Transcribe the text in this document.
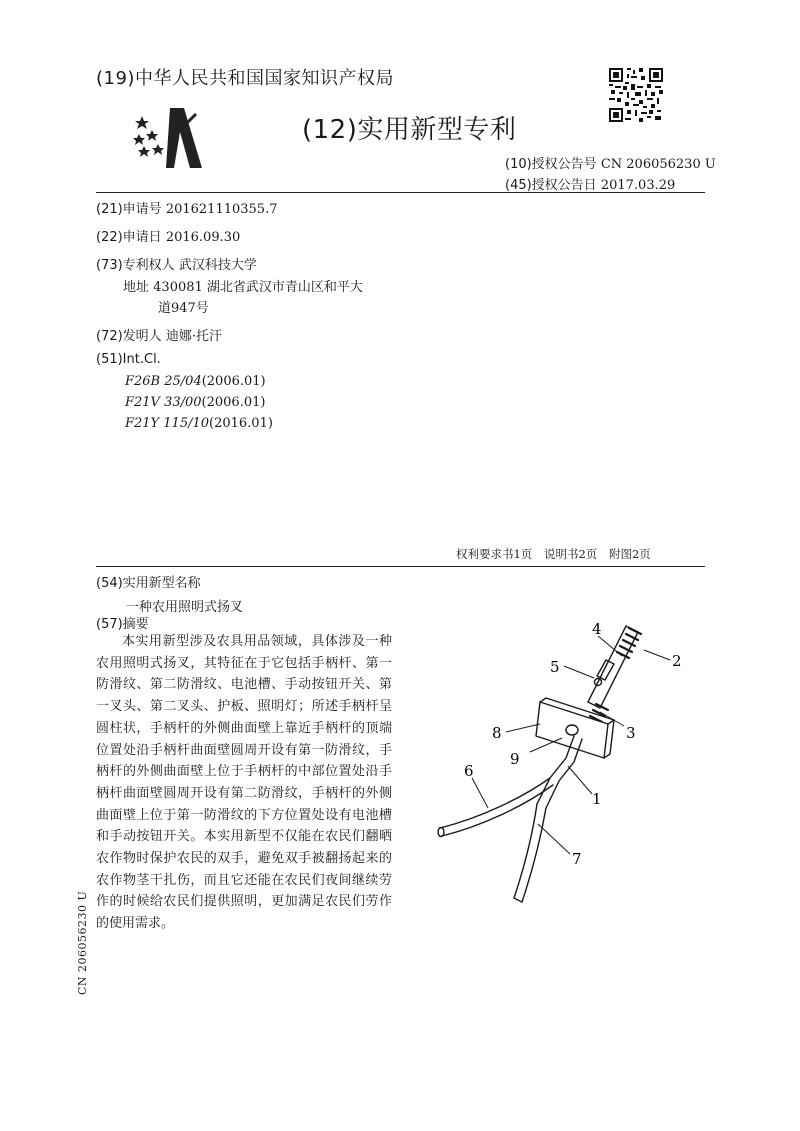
(19)中华人民共和国国家知识产权局
(12)实用新型专利
(10)授权公告号 CN 206056230 U
(45)授权公告日 2017.03.29
(21)申请号 201621110355.7
(22)申请日 2016.09.30
(73)专利权人 武汉科技大学
地址 430081 湖北省武汉市青山区和平大
道947号
(72)发明人 迪娜·托汗
(51)Int.Cl.
F26B 25/04(2006.01)
F21V 33/00(2006.01)
F21Y 115/10(2016.01)
权利要求书1页 说明书2页 附图2页
(54)实用新型名称
一种农用照明式扬叉
(57)摘要
本实用新型涉及农具用品领域，具体涉及一种农用照明式扬叉，其特征在于它包括手柄杆、第一防滑纹、第二防滑纹、电池槽、手动按钮开关、第一叉头、第二叉头、护板、照明灯；所述手柄杆呈圆柱状，手柄杆的外侧曲面壁上靠近手柄杆的顶端位置处沿手柄杆曲面壁圆周开设有第一防滑纹，手柄杆的外侧曲面壁上位于手柄杆的中部位置处沿手柄杆曲面壁圆周开设有第二防滑纹，手柄杆的外侧曲面壁上位于第一防滑纹的下方位置处设有电池槽和手动按钮开关。本实用新型不仅能在农民们翻晒农作物时保护农民的双手，避免双手被翻扬起来的农作物茎干扎伤，而且它还能在农民们夜间继续劳作的时候给农民们提供照明，更加满足农民们劳作的使用需求。
CN 206056230 U
4
2
5
8	3
9
6
1
7
